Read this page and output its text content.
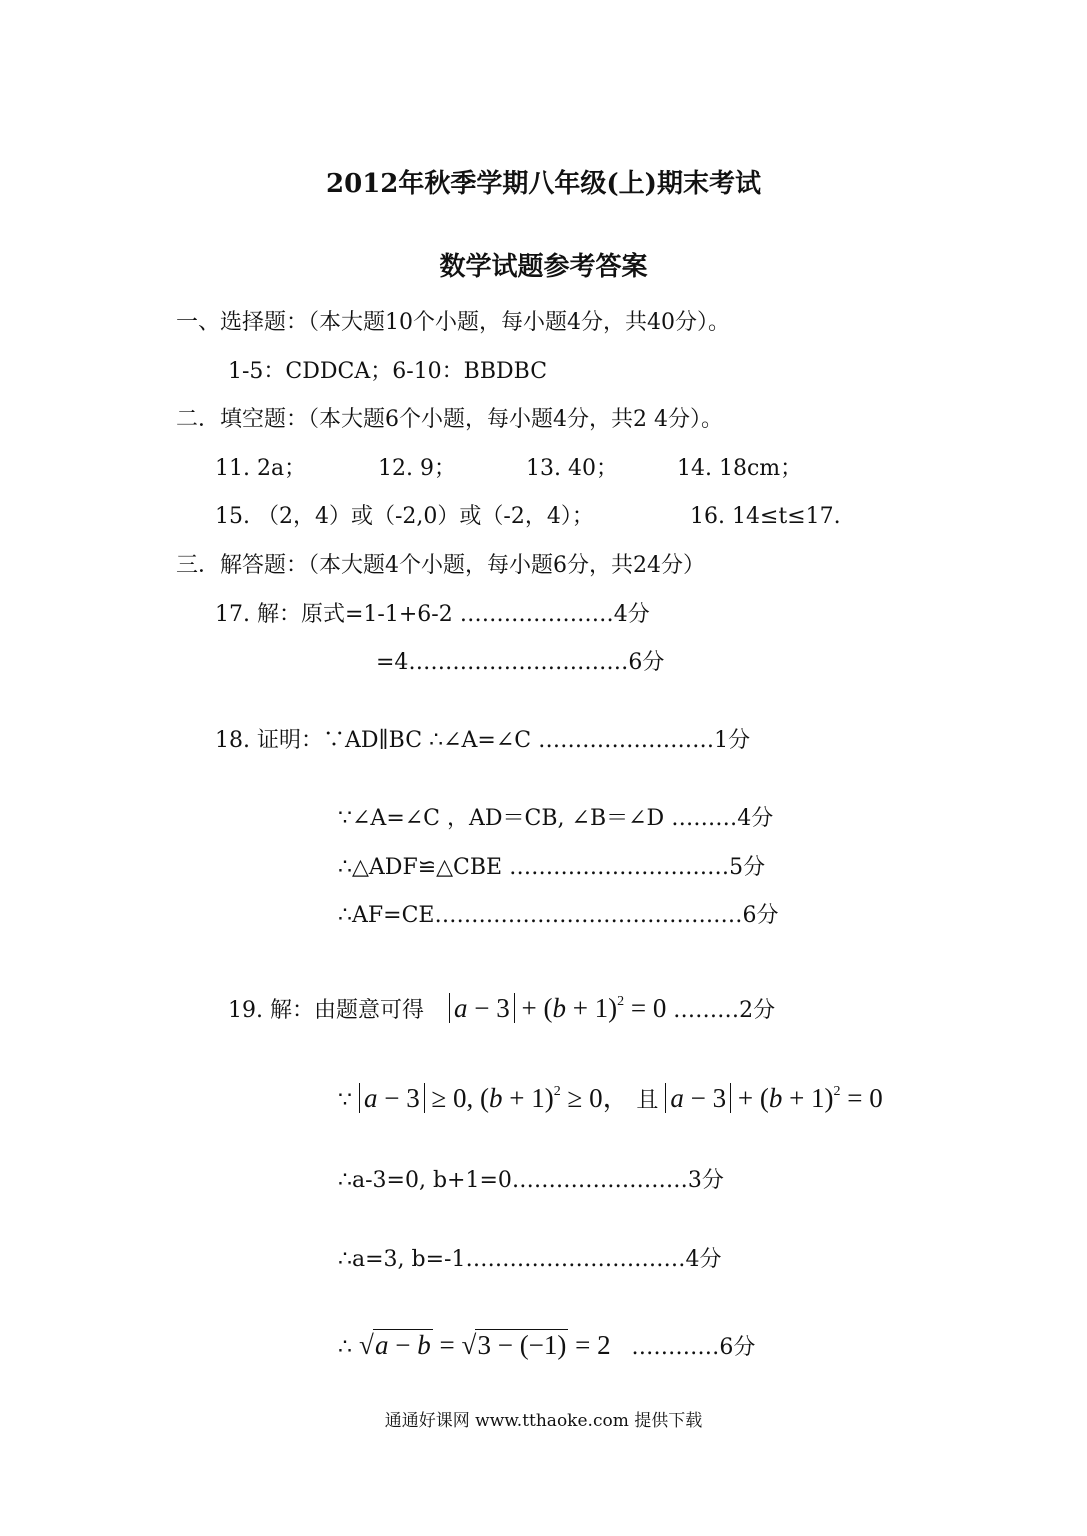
2012年秋季学期八年级(上)期末考试
数学试题参考答案
一、选择题：（本大题10个小题，每小题4分，共40分）。
1-5：CDDCA；6-10：BBDBC
二．填空题：（本大题6个小题，每小题4分，共2 4分）。
11. 2a；	12. 9；	13. 40；	14. 18cm；
15. （2，4）或（-2,0）或（-2，4）；	16. 14≤t≤17.
三．解答题：（本大题4个小题，每小题6分，共24分）
17. 解：原式=1-1+6-2 …………………4分
=4…………………………6分
18. 证明：∵AD∥BC ∴∠A=∠C ……………………1分
∵∠A=∠C ，AD＝CB, ∠B＝∠D ………4分
∴△ADF≌△CBE …………………………5分
∴AF=CE……………………………………6分
19. 解：由题意可得 $a - 3 + (b + 1)^2 = 0$ ………2分
∵ a − 3 ≥ 0, $(b + 1)^2 \ge 0$， 且 $a - 3 + (b + 1)^2 = 0$
∴a-3=0, b+1=0……………………3分
∴a=3, b=-1…………………………4分
∴ √ a − b = √ 3 − (−1) = 2 …………6分
通通好课网 www.tthaoke.com 提供下载
